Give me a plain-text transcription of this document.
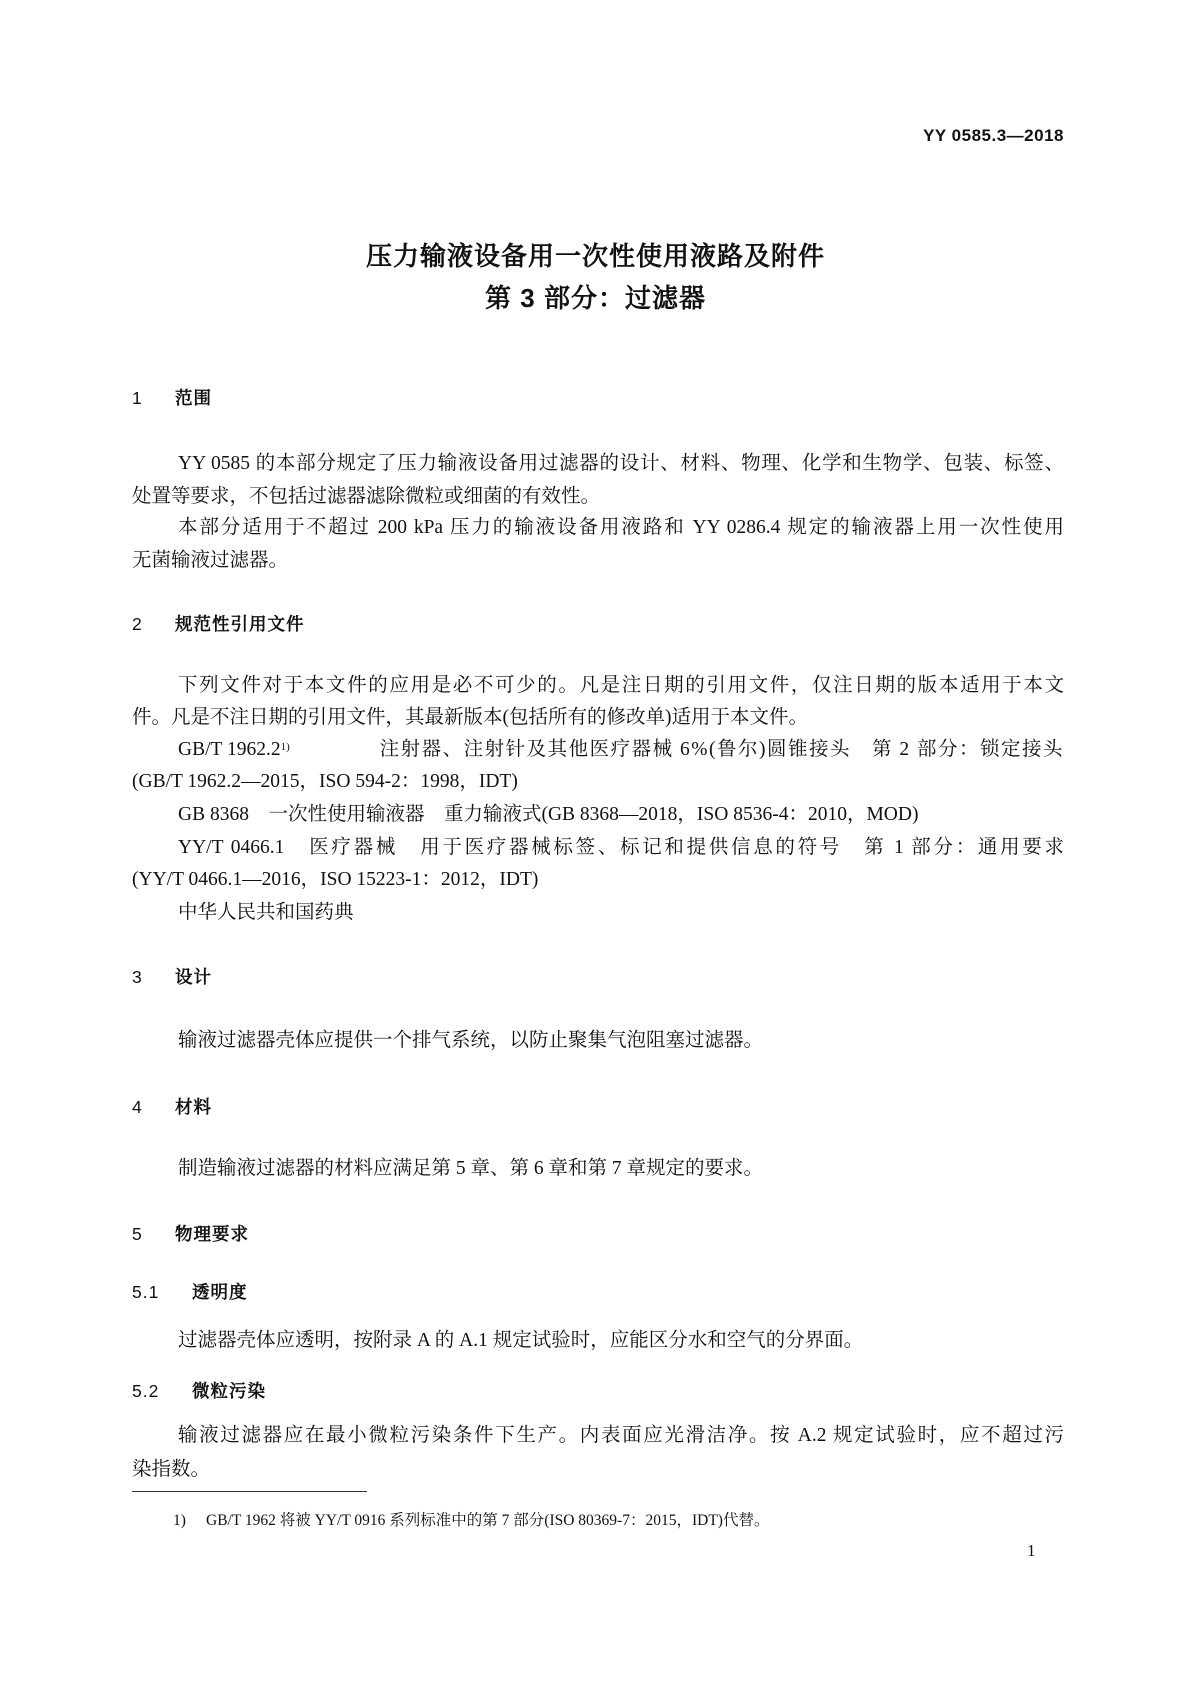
YY 0585.3—2018
压力输液设备用一次性使用液路及附件
第 3 部分：过滤器
1 范围
YY 0585 的本部分规定了压力输液设备用过滤器的设计、材料、物理、化学和生物学、包装、标签、
处置等要求，不包括过滤器滤除微粒或细菌的有效性。
本部分适用于不超过 200 kPa 压力的输液设备用液路和 YY 0286.4 规定的输液器上用一次性使用
无菌输液过滤器。
2 规范性引用文件
下列文件对于本文件的应用是必不可少的。凡是注日期的引用文件，仅注日期的版本适用于本文
件。凡是不注日期的引用文件，其最新版本(包括所有的修改单)适用于本文件。
GB/T 1962.2$^{1)}$	注射器、注射针及其他医疗器械 6%(鲁尔)圆锥接头　第 2 部分：锁定接头
(GB/T 1962.2—2015，ISO 594-2：1998，IDT)
GB 8368　一次性使用输液器　重力输液式(GB 8368—2018，ISO 8536-4：2010，MOD)
YY/T 0466.1　医疗器械　用于医疗器械标签、标记和提供信息的符号　第 1 部分：通用要求
(YY/T 0466.1—2016，ISO 15223-1：2012，IDT)
中华人民共和国药典
3 设计
输液过滤器壳体应提供一个排气系统，以防止聚集气泡阻塞过滤器。
4 材料
制造输液过滤器的材料应满足第 5 章、第 6 章和第 7 章规定的要求。
5 物理要求
5.1 透明度
过滤器壳体应透明，按附录 A 的 A.1 规定试验时，应能区分水和空气的分界面。
5.2 微粒污染
输液过滤器应在最小微粒污染条件下生产。内表面应光滑洁净。按 A.2 规定试验时，应不超过污
染指数。
1) GB/T 1962 将被 YY/T 0916 系列标准中的第 7 部分(ISO 80369-7：2015，IDT)代替。
1
